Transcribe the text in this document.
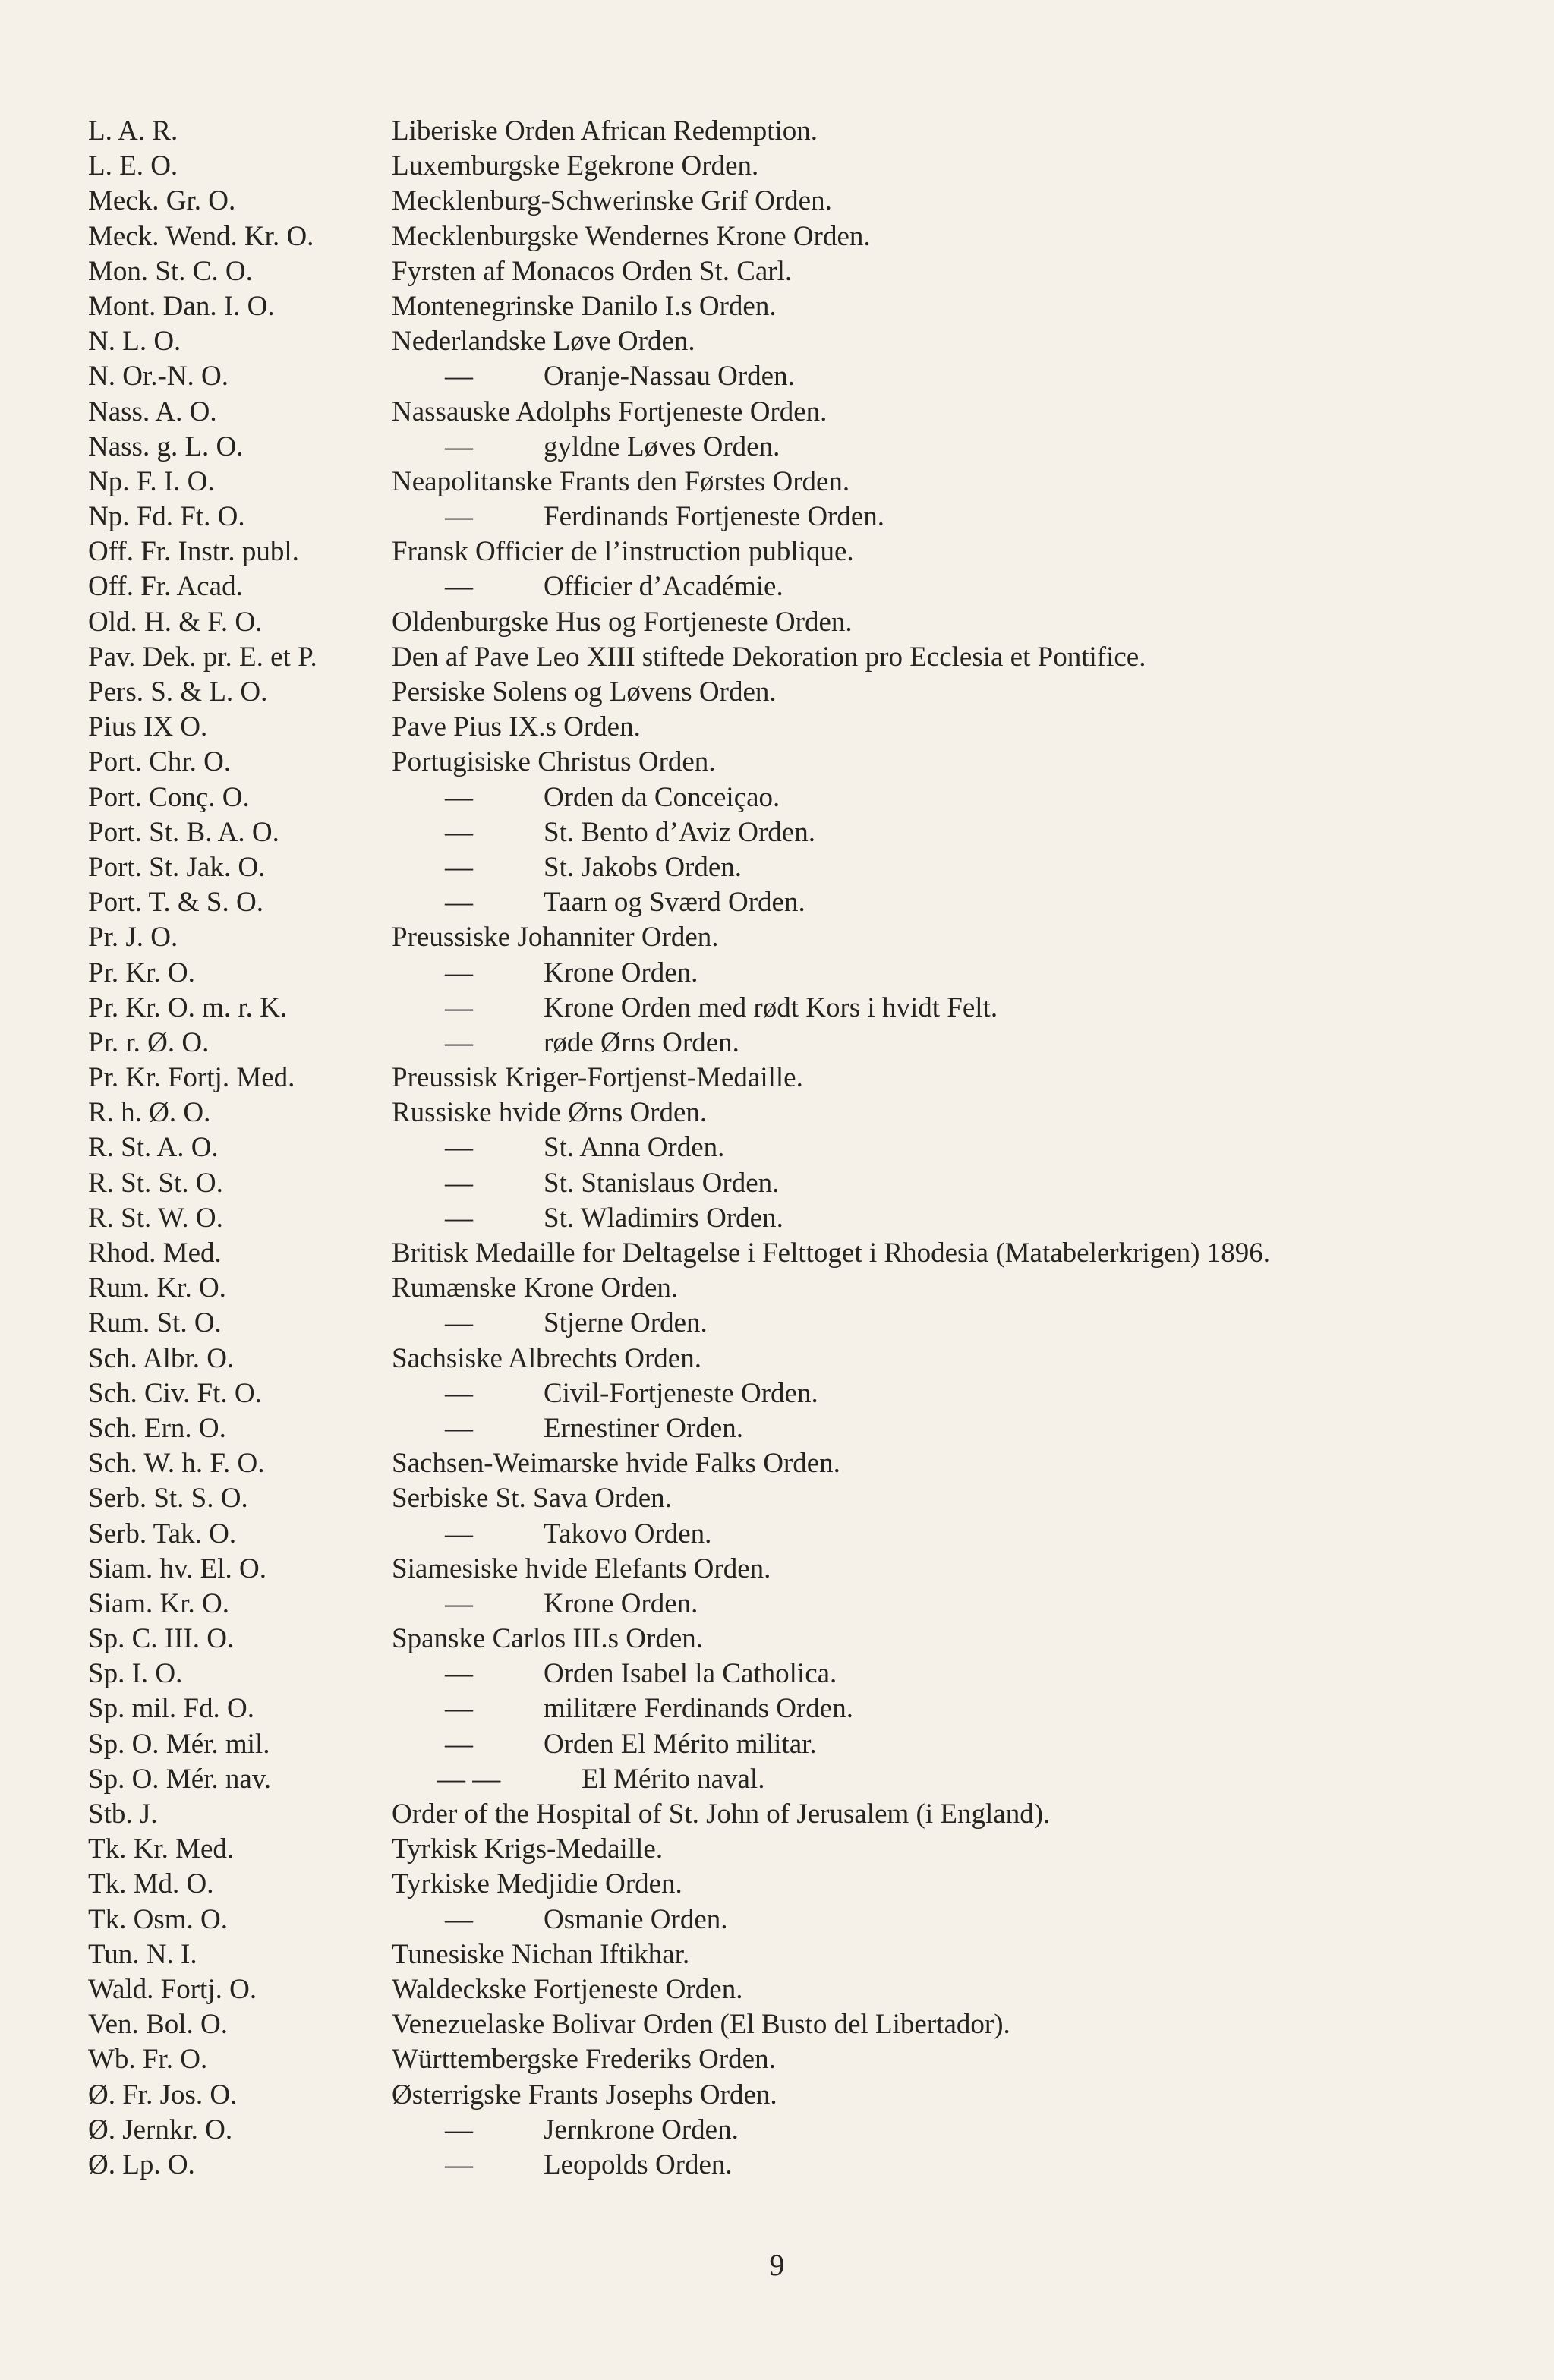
L. A. R.	Liberiske Orden African Redemption.
L. E. O.	Luxemburgske Egekrone Orden.
Meck. Gr. O.	Mecklenburg-Schwerinske Grif Orden.
Meck. Wend. Kr. O.	Mecklenburgske Wendernes Krone Orden.
Mon. St. C. O.	Fyrsten af Monacos Orden St. Carl.
Mont. Dan. I. O.	Montenegrinske Danilo I.s Orden.
N. L. O.	Nederlandske Løve Orden.
N. Or.-N. O.	—	Oranje-Nassau Orden.
Nass. A. O.	Nassauske Adolphs Fortjeneste Orden.
Nass. g. L. O.	—	gyldne Løves Orden.
Np. F. I. O.	Neapolitanske Frants den Førstes Orden.
Np. Fd. Ft. O.	—	Ferdinands Fortjeneste Orden.
Off. Fr. Instr. publ.	Fransk Officier de l’instruction publique.
Off. Fr. Acad.	—	Officier d’Académie.
Old. H. & F. O.	Oldenburgske Hus og Fortjeneste Orden.
Pav. Dek. pr. E. et P.	Den af Pave Leo XIII stiftede Dekoration pro Ecclesia et Pontifice.
Pers. S. & L. O.	Persiske Solens og Løvens Orden.
Pius IX O.	Pave Pius IX.s Orden.
Port. Chr. O.	Portugisiske Christus Orden.
Port. Conç. O.	—	Orden da Conceiçao.
Port. St. B. A. O.	—	St. Bento d’Aviz Orden.
Port. St. Jak. O.	—	St. Jakobs Orden.
Port. T. & S. O.	—	Taarn og Sværd Orden.
Pr. J. O.	Preussiske Johanniter Orden.
Pr. Kr. O.	—	Krone Orden.
Pr. Kr. O. m. r. K.	—	Krone Orden med rødt Kors i hvidt Felt.
Pr. r. Ø. O.	—	røde Ørns Orden.
Pr. Kr. Fortj. Med.	Preussisk Kriger-Fortjenst-Medaille.
R. h. Ø. O.	Russiske hvide Ørns Orden.
R. St. A. O.	—	St. Anna Orden.
R. St. St. O.	—	St. Stanislaus Orden.
R. St. W. O.	—	St. Wladimirs Orden.
Rhod. Med.	Britisk Medaille for Deltagelse i Felttoget i Rhodesia (Matabelerkrigen) 1896.
Rum. Kr. O.	Rumænske Krone Orden.
Rum. St. O.	—	Stjerne Orden.
Sch. Albr. O.	Sachsiske Albrechts Orden.
Sch. Civ. Ft. O.	—	Civil-Fortjeneste Orden.
Sch. Ern. O.	—	Ernestiner Orden.
Sch. W. h. F. O.	Sachsen-Weimarske hvide Falks Orden.
Serb. St. S. O.	Serbiske St. Sava Orden.
Serb. Tak. O.	—	Takovo Orden.
Siam. hv. El. O.	Siamesiske hvide Elefants Orden.
Siam. Kr. O.	—	Krone Orden.
Sp. C. III. O.	Spanske Carlos III.s Orden.
Sp. I. O.	—	Orden Isabel la Catholica.
Sp. mil. Fd. O.	—	militære Ferdinands Orden.
Sp. O. Mér. mil.	—	Orden El Mérito militar.
Sp. O. Mér. nav.	— —	El Mérito naval.
Stb. J.	Order of the Hospital of St. John of Jerusalem (i England).
Tk. Kr. Med.	Tyrkisk Krigs-Medaille.
Tk. Md. O.	Tyrkiske Medjidie Orden.
Tk. Osm. O.	—	Osmanie Orden.
Tun. N. I.	Tunesiske Nichan Iftikhar.
Wald. Fortj. O.	Waldeckske Fortjeneste Orden.
Ven. Bol. O.	Venezuelaske Bolivar Orden (El Busto del Libertador).
Wb. Fr. O.	Württembergske Frederiks Orden.
Ø. Fr. Jos. O.	Østerrigske Frants Josephs Orden.
Ø. Jernkr. O.	—	Jernkrone Orden.
Ø. Lp. O.	—	Leopolds Orden.
9
